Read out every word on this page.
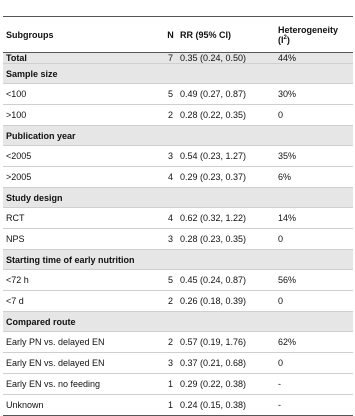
Subgroups	N	RR (95% CI)	Heterogeneity
$(I^2)$
Total	7	0.35 (0.24, 0.50)	44%
Sample size			
<100	5	0.49 (0.27, 0.87)	30%
>100	2	0.28 (0.22, 0.35)	0
Publication year			
<2005	3	0.54 (0.23, 1.27)	35%
>2005	4	0.29 (0.23, 0.37)	6%
Study design			
RCT	4	0.62 (0.32, 1.22)	14%
NPS	3	0.28 (0.23, 0.35)	0
Starting time of early nutrition			
<72 h	5	0.45 (0.24, 0.87)	56%
<7 d	2	0.26 (0.18, 0.39)	0
Compared route			
Early PN vs. delayed EN	2	0.57 (0.19, 1.76)	62%
Early EN vs. delayed EN	3	0.37 (0.21, 0.68)	0
Early EN vs. no feeding	1	0.29 (0.22, 0.38)	-
Unknown	1	0.24 (0.15, 0.38)	-
